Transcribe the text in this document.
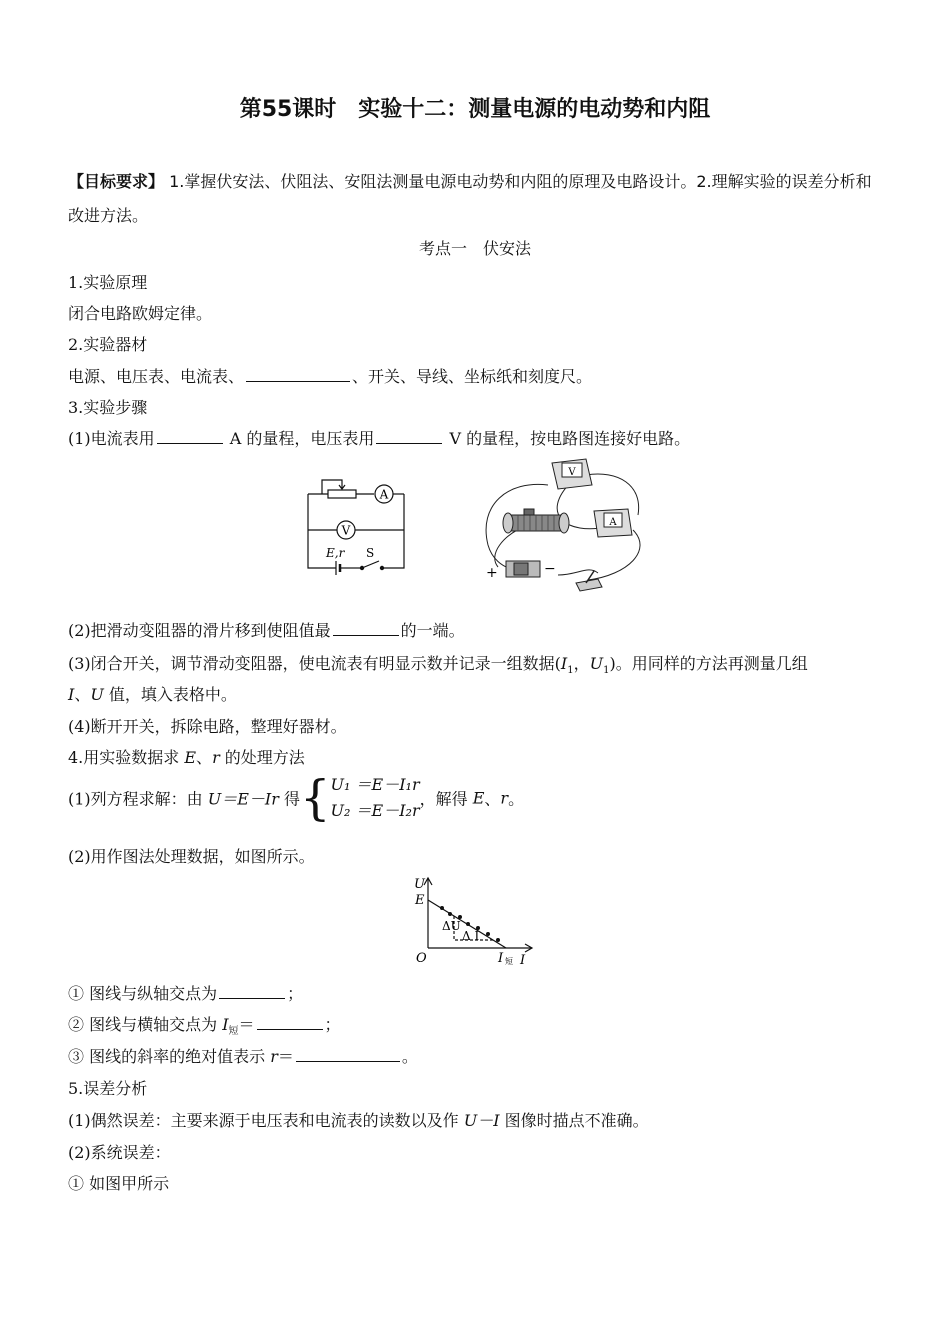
第55课时　实验十二：测量电源的电动势和内阻
【目标要求】 1.掌握伏安法、伏阻法、安阻法测量电源电动势和内阻的原理及电路设计。2.理解实验的误差分析和改进方法。
考点一　伏安法
1.实验原理
闭合电路欧姆定律。
2.实验器材
电源、电压表、电流表、	、开关、导线、坐标纸和刻度尺。
3.实验步骤
(1)电流表用	A 的量程，电压表用	V 的量程，按电路图连接好电路。
A
V
E,r S
V
A
+	−
(2)把滑动变阻器的滑片移到使阻值最	的一端。
(3)闭合开关，调节滑动变阻器，使电流表有明显示数并记录一组数据($I_1$，$U_1$)。用同样的方法再测量几组
I、U 值，填入表格中。
(4)断开开关，拆除电路，整理好器材。
4.用实验数据求 E、r 的处理方法
(1)列方程求解：由 U＝E－Ir 得{U₁ ＝E－I₁r
U₂ ＝E－I₂r，解得 E、r。
(2)用作图法处理数据，如图所示。
U
E
O	I
ΔU
Δ I
I 短
① 图线与纵轴交点为	；
② 图线与横轴交点为 $I_短=$	；
③ 图线的斜率的绝对值表示 r＝	。
5.误差分析
(1)偶然误差：主要来源于电压表和电流表的读数以及作 U－I 图像时描点不准确。
(2)系统误差：
① 如图甲所示
